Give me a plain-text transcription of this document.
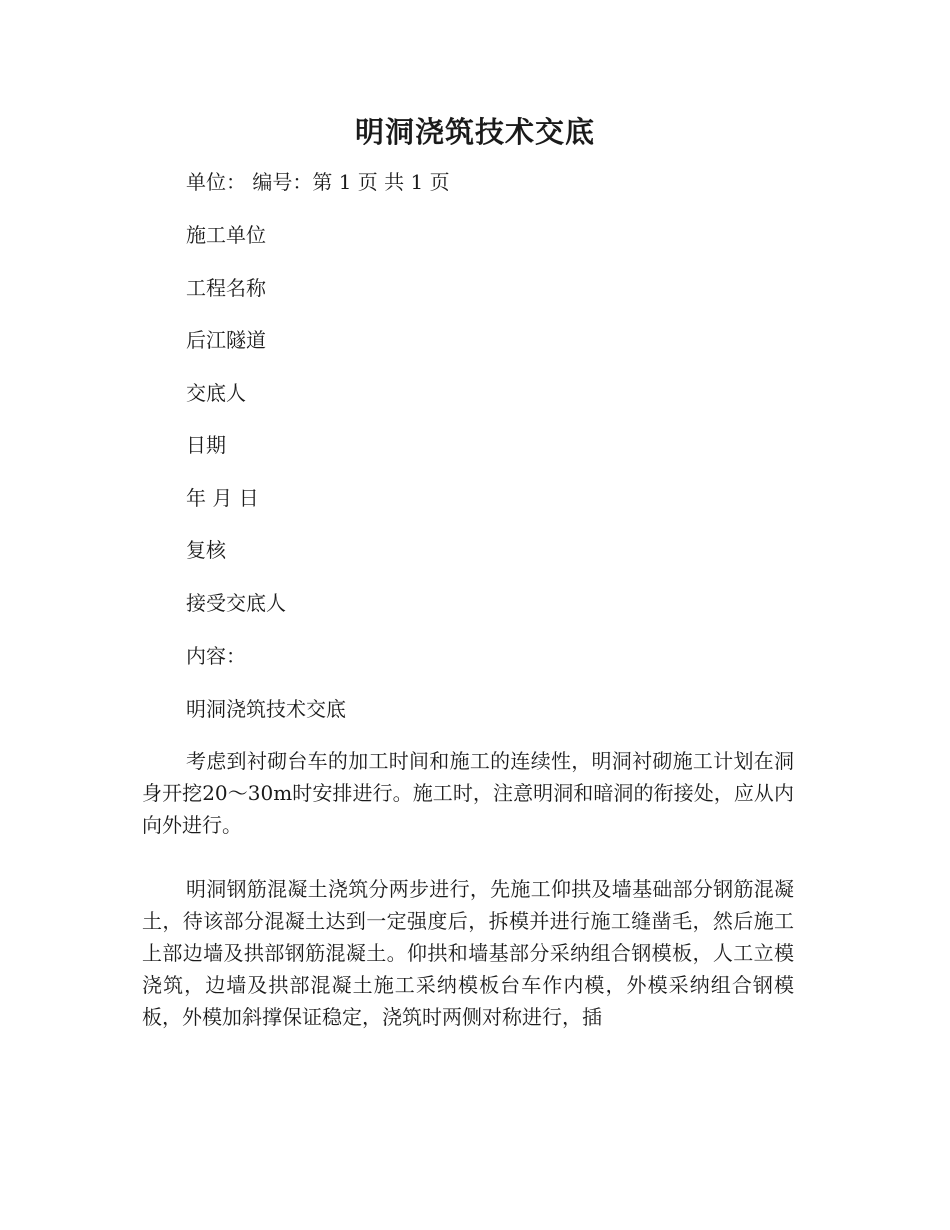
明洞浇筑技术交底

单位： 编号：第 1 页 共 1 页

施工单位

工程名称

后江隧道

交底人

日期

年 月 日

复核

接受交底人

内容：

明洞浇筑技术交底

考虑到衬砌台车的加工时间和施工的连续性，明洞衬砌施工计划在洞身开挖20～30m时安排进行。施工时，注意明洞和暗洞的衔接处，应从内向外进行。

明洞钢筋混凝土浇筑分两步进行，先施工仰拱及墙基础部分钢筋混凝土，待该部分混凝土达到一定强度后，拆模并进行施工缝凿毛，然后施工上部边墙及拱部钢筋混凝土。仰拱和墙基部分采纳组合钢模板，人工立模浇筑，边墙及拱部混凝土施工采纳模板台车作内模，外模采纳组合钢模板，外模加斜撑保证稳定，浇筑时两侧对称进行，插
